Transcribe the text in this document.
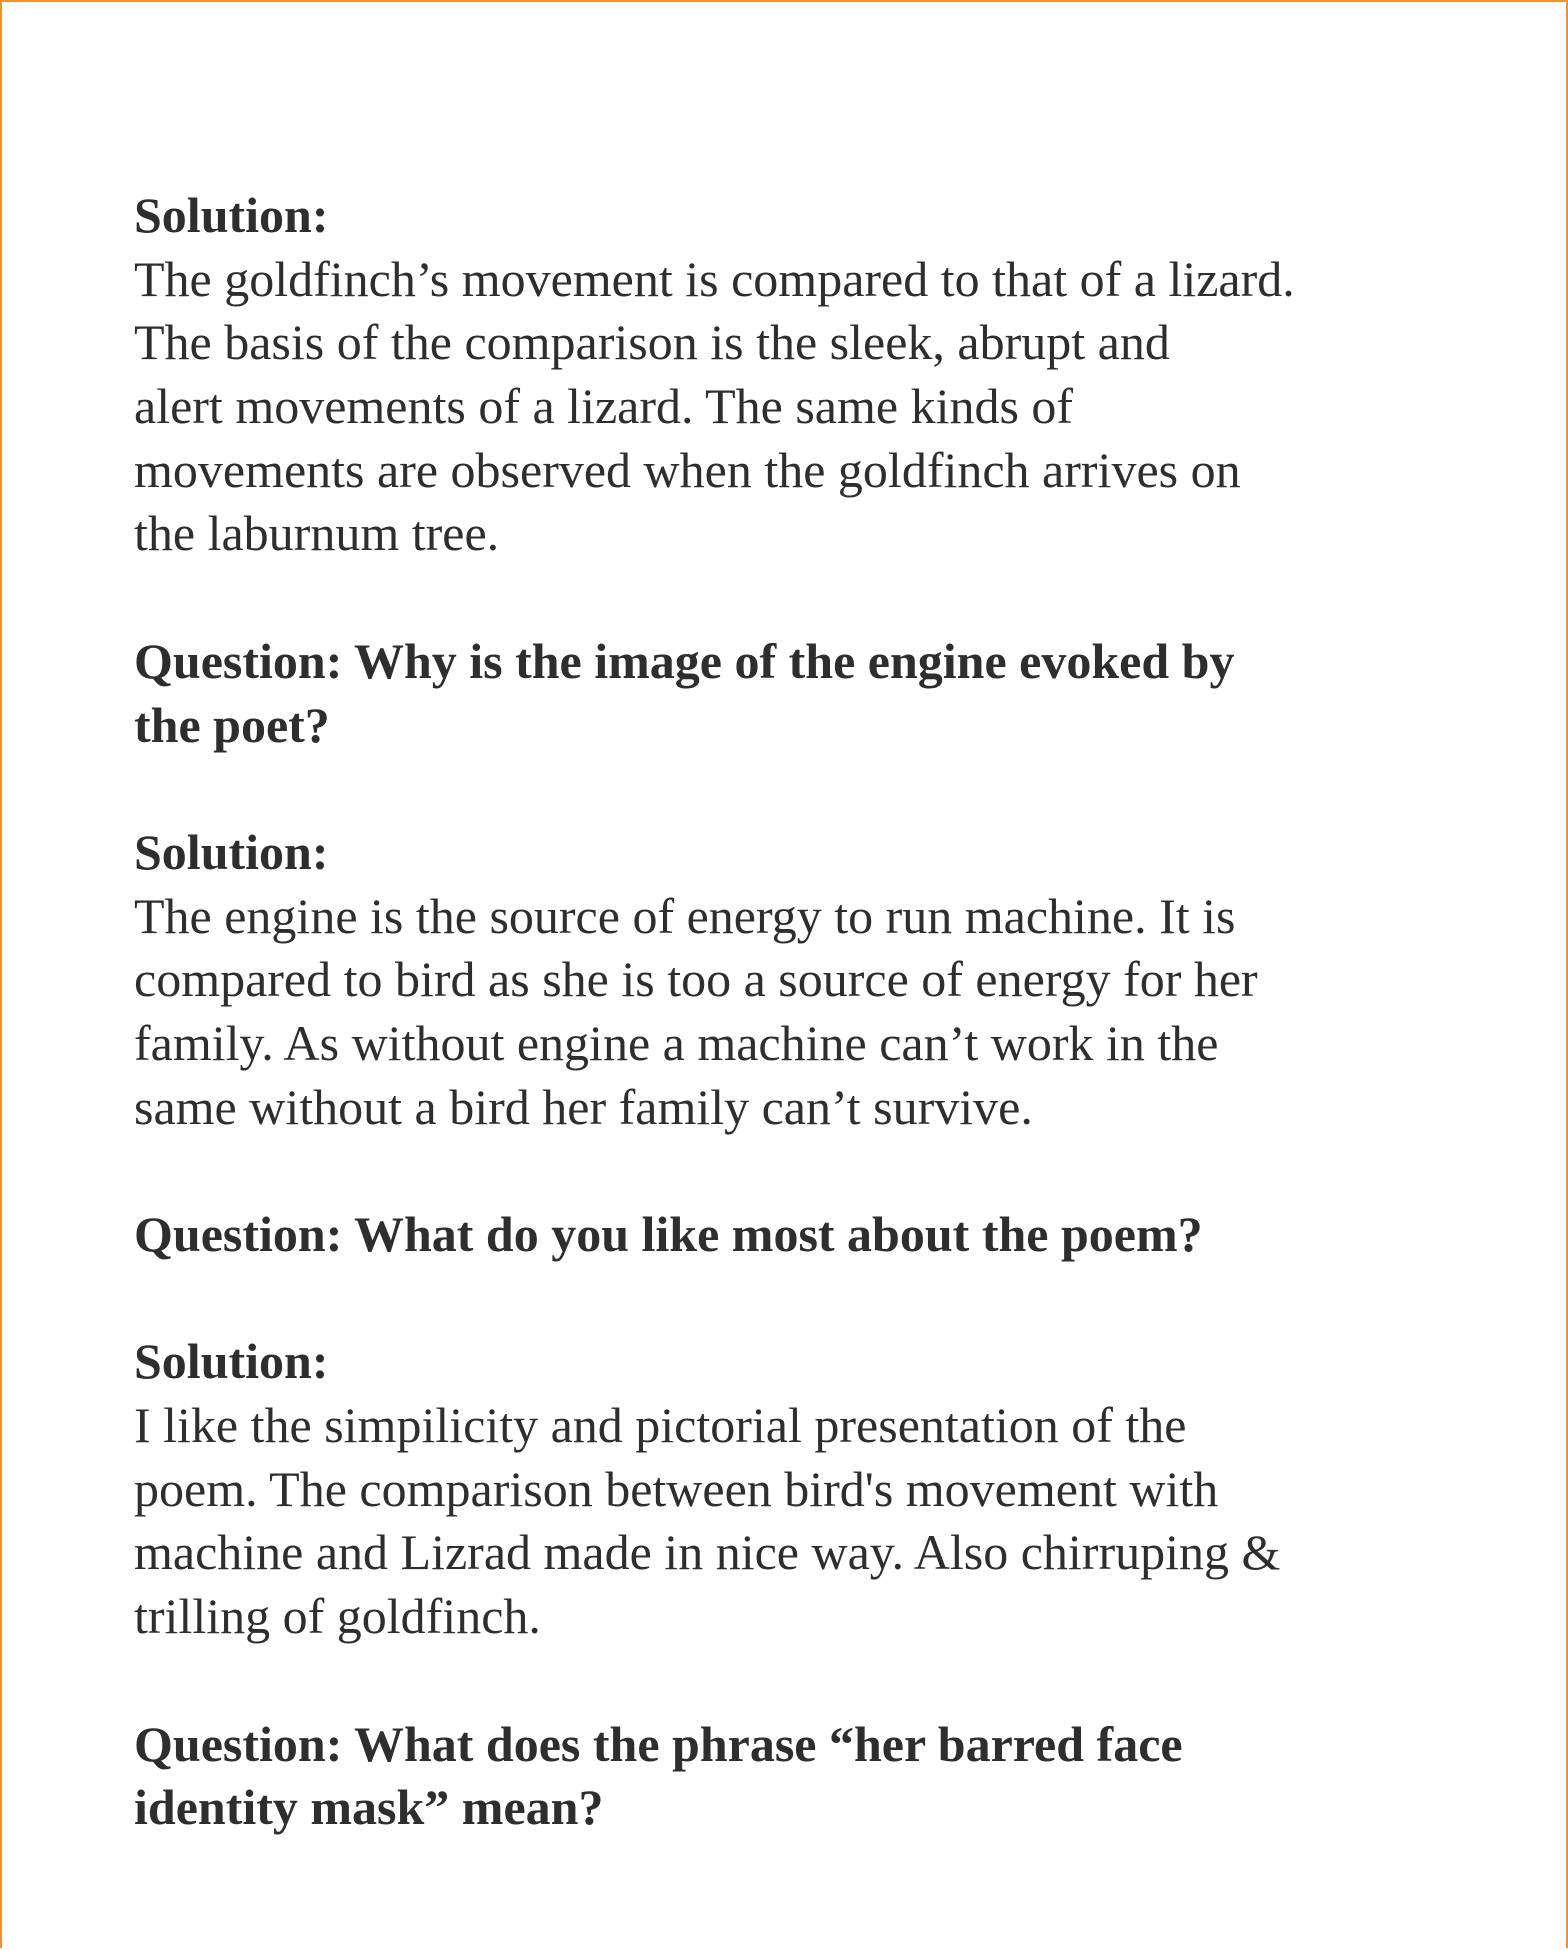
Solution:
The goldfinch’s movement is compared to that of a lizard.
The basis of the comparison is the sleek, abrupt and
alert movements of a lizard. The same kinds of
movements are observed when the goldfinch arrives on
the laburnum tree.
Question: Why is the image of the engine evoked by
the poet?
Solution:
The engine is the source of energy to run machine. It is
compared to bird as she is too a source of energy for her
family. As without engine a machine can’t work in the
same without a bird her family can’t survive.
Question: What do you like most about the poem?
Solution:
I like the simpilicity and pictorial presentation of the
poem. The comparison between bird's movement with
machine and Lizrad made in nice way. Also chirruping &
trilling of goldfinch.
Question: What does the phrase “her barred face
identity mask” mean?
